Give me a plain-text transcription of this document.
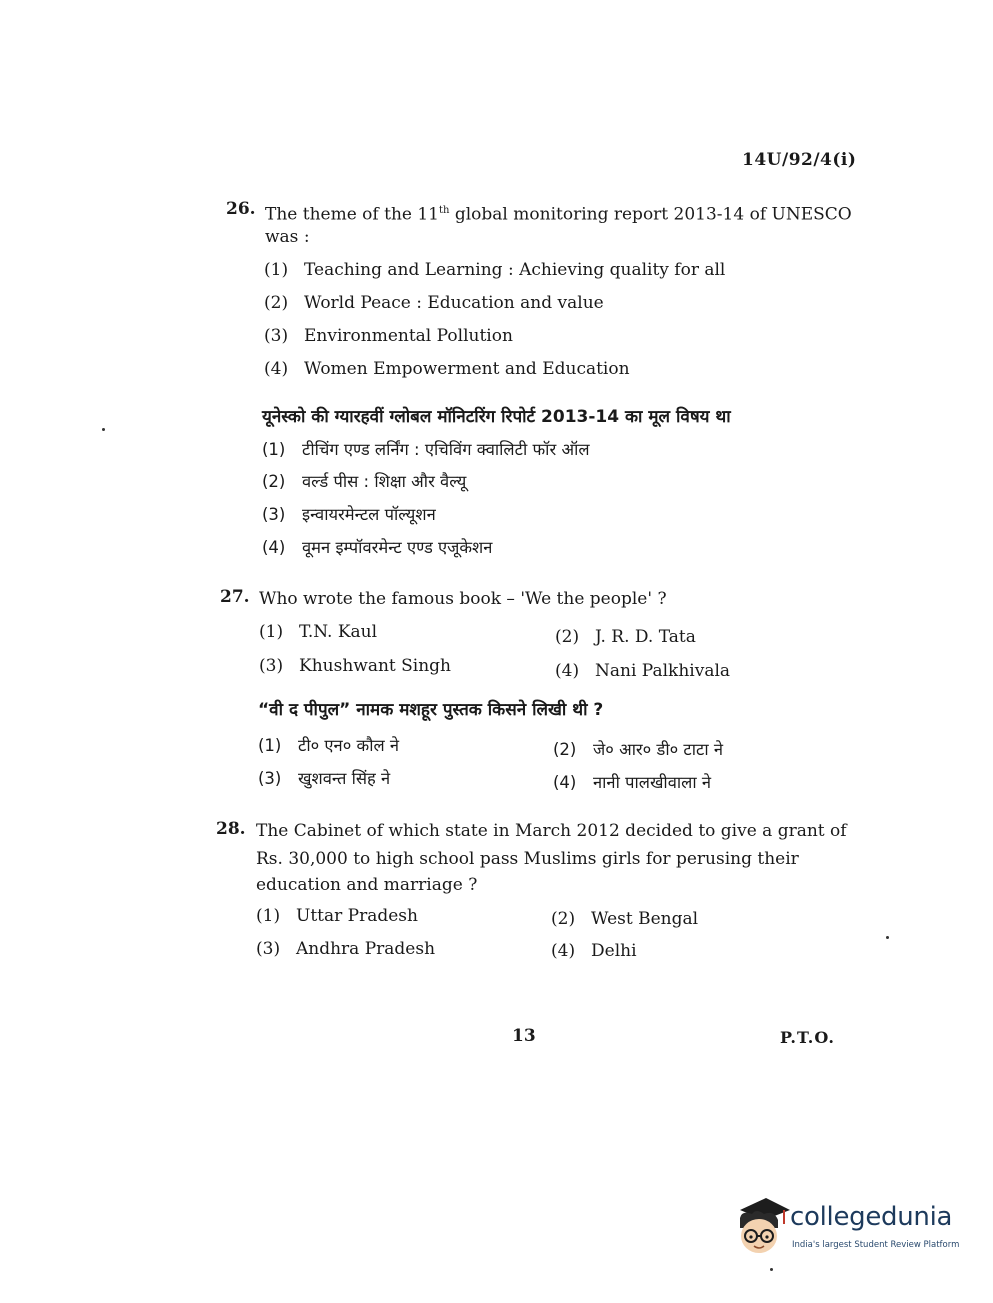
14U/92/4(i)
26. The theme of the 11th global monitoring report 2013-14 of UNESCO
was :
(1) Teaching and Learning : Achieving quality for all
(2) World Peace : Education and value
(3) Environmental Pollution
(4) Women Empowerment and Education
यूनेस्को की ग्यारहवीं ग्लोबल मॉनिटरिंग रिपोर्ट 2013-14 का मूल विषय था
(1) टीचिंग एण्ड लर्निंग : एचिविंग क्वालिटी फॉर ऑल
(2) वर्ल्ड पीस : शिक्षा और वैल्यू
(3) इन्वायरमेन्टल पॉल्यूशन
(4) वूमन इम्पॉवरमेन्ट एण्ड एजूकेशन
27. Who wrote the famous book – 'We the people' ?
(1) T.N. Kaul	(2) J. R. D. Tata
(3) Khushwant Singh	(4) Nani Palkhivala
“वी द पीपुल” नामक मशहूर पुस्तक किसने लिखी थी ?
(1) टी० एन० कौल ने	(2) जे० आर० डी० टाटा ने
(3) खुशवन्त सिंह ने	(4) नानी पालखीवाला ने
28. The Cabinet of which state in March 2012 decided to give a grant of
Rs. 30,000 to high school pass Muslims girls for perusing their
education and marriage ?
(1) Uttar Pradesh	(2) West Bengal
(3) Andhra Pradesh	(4) Delhi
13	P.T.O.
collegedunia
India's largest Student Review Platform
